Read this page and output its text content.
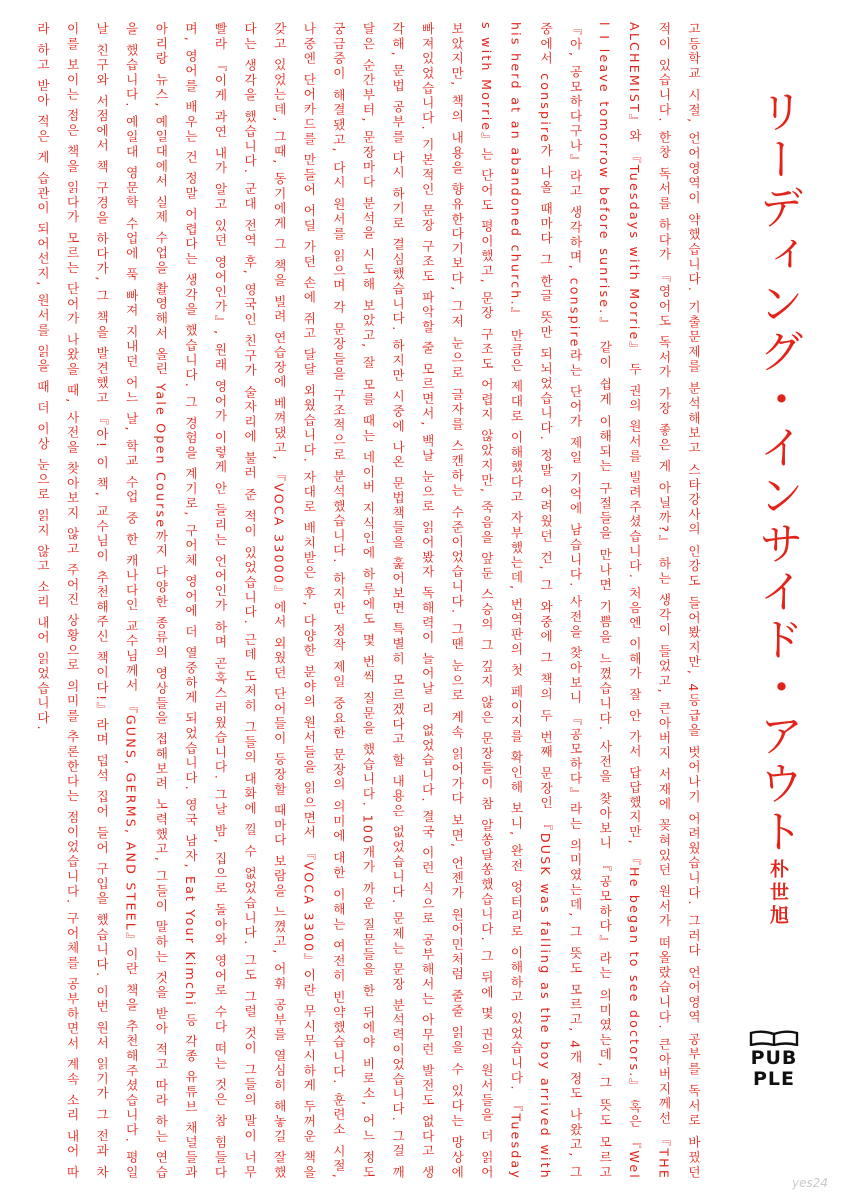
고등학교 시절, 언어영역이 약했습니다. 기출문제를 분석해보고 스타강사의 인강도 들어봤지만, 4등급을 벗어나기 어려웠습니다. 그러다 언어영역 공부를 독서로 바꿨던 적이 있습니다. 한창 독서를 하다가 『영어도 독서가 가장 좋은 게 아닐까?』 하는 생각이 들었고, 큰아버지 서재에 꽂혀있던 원서가 떠올랐습니다. 큰아버지께선 『THE ALCHEMIST』와 『Tuesdays with Morrie』 두 권의 원서를 빌려주셨습니다. 처음엔 이해가 잘 안 가서 답답했지만, 『He began to see doctors.』 혹은 『Well I leave tomorrow before sunrise.』 같이 쉽게 이해되는 구절들을 만나면 기쁨을 느꼈습니다. 사전을 찾아보니 『공모하다』라는 의미였는데, 그 뜻도 모르고 『아, 공모하다구나』라고 생각하며, conspire라는 단어가 제일 기억에 남습니다. 사전을 찾아보니 『공모하다』라는 의미였는데, 그 뜻도 모르고, 4개 정도 나왔고, 그중에서 conspire가 나올 때마다 그 한글 뜻만 되뇌었습니다. 정말 어려웠던 건, 그 와중에 그 책의 두 번째 문장인 『DUSK was falling as the boy arrived with his herd at an abandoned church.』 만큼은 제대로 이해했다고 자부했는데, 번역판의 첫 페이지를 확인해 보니, 완전 엉터리로 이해하고 있었습니다. 『Tuesdays with Morrie』는 단어도 평이했고, 문장 구조도 어렵지 않았지만, 죽음을 앞둔 스승의 그 깊지 않은 문장들이 참 알쏭달쏭했습니다. 그 뒤에 몇 권의 원서들을 더 읽어보았지만, 책의 내용을 향유한다기보다, 그저 눈으로 글자를 스캔하는 수준이었습니다. 그땐 눈으로 계속 읽어가다 보면, 언젠가 원어민처럼 줄줄 읽을 수 있다는 망상에 빠져있었습니다. 기본적인 문장 구조도 파악할 줄 모르면서, 백날 눈으로 읽어봤자 독해력이 늘어날 리 없었습니다. 결국 이런 식으로 공부해서는 아무런 발전도 없다고 생각해, 문법 공부를 다시 하기로 결심했습니다. 하지만 시중에 나온 문법책들을 훑어보면 특별히 모르겠다고 할 내용은 없었습니다. 문제는 문장 분석력이었습니다. 그걸 깨달은 순간부터, 문장마다 분석을 시도해 보았고, 잘 모를 때는 네이버 지식인에 하루에도 몇 번씩 질문을 했습니다. 100개가 까운 질문들을 한 뒤에야 비로소, 어느 정도 궁금증이 해결됐고, 다시 원서를 읽으며 각 문장들을 구조적으로 분석했습니다. 하지만 정작 제일 중요한 문장의 의미에 대한 이해는 여전히 빈약했습니다. 훈련소 시절, 나중엔 단어카드를 만들어 어딜 가던 손에 쥐고 달달 외웠습니다. 자대로 배치받은 후, 다양한 분야의 원서들을 읽으면서 『VOCA 3300』이란 무시무시하게 두꺼운 책을 갖고 있었는데, 그때, 동기에게 그 책을 빌려 연습장에 베껴댔고, 『VOCA 33000』에서 외웠던 단어들이 등장할 때마다 보람을 느꼈고, 어휘 공부를 열심히 해놓길 잘했다는 생각을 했습니다. 군대 전역 후, 영국인 친구가 술자리에 불러 준 적이 있었습니다. 근데 도저히 그들의 대화에 낄 수 없었습니다. 그도 그럴 것이 그들의 말이 너무 빨라 『이게 과연 내가 알고 있던 영어인가』, 원래 영어가 이렇게 안 들리는 언어인가 하며 곤혹스러웠습니다. 그날 밤, 집으로 돌아와 영어로 수다 떠는 것은 참 힘들다며, 영어를 배우는 건 정말 어렵다는 생각을 했습니다. 그 경험을 계기로, 구어체 영어에 더 열중하게 되었습니다. 영국 남자, Eat Your Kimchi 등 각종 유튜브 채널들과 아리랑 뉴스, 예일대에서 실제 수업을 촬영해서 올린 Yale Open Course까지 다양한 종류의 영상들을 접해보려 노력했고, 그들이 말하는 것을 받아 적고 따라 하는 연습을 했습니다. 예일대 영문학 수업에 푹 빠져 지내던 어느 날, 학교 수업 중 한 캐나다인 교수님께서 『GUNS, GERMS, AND STEEL』이란 책을 추천해주셨습니다. 평일 날 친구와 서점에서 책 구경을 하다가, 그 책을 발견했고 『아! 이 책, 교수님이 추천해주신 책이다!』라며 덥석 집어 들어 구입을 했습니다. 이번 원서 읽기가 그 전과 차이를 보이는 점은 책을 읽다가 모르는 단어가 나왔을 때, 사전을 찾아보지 않고 주어진 상황으로 의미를 추론한다는 점이었습니다. 구어체를 공부하면서 계속 소리 내어 따라 하고 받아 적은 게 습관이 되어선지, 원서를 읽을 때 더 이상 눈으로 읽지 않고 소리 내어 읽었습니다.	リーディング・インサイド・アウト
朴世旭
PUB
PLE
yes24
